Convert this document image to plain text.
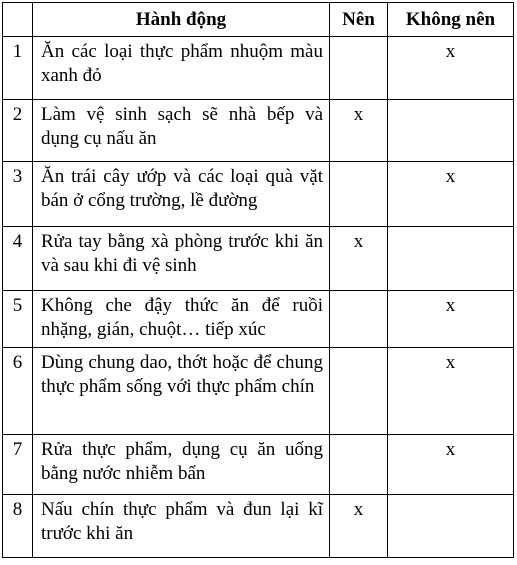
	Hành động	Nên	Không nên
1	Ăn các loại thực phẩm nhuộm màu xanh đỏ		x
2	Làm vệ sinh sạch sẽ nhà bếp và dụng cụ nấu ăn	x	
3	Ăn trái cây ướp và các loại quà vặt bán ở cổng trường, lề đường		x
4	Rửa tay bằng xà phòng trước khi ăn và sau khi đi vệ sinh	x	
5	Không che đậy thức ăn để ruồi nhặng, gián, chuột… tiếp xúc		x
6	Dùng chung dao, thớt hoặc để chung thực phẩm sống với thực phẩm chín		x
7	Rửa thực phẩm, dụng cụ ăn uống bằng nước nhiễm bẩn		x
8	Nấu chín thực phẩm và đun lại kĩ trước khi ăn	x	
